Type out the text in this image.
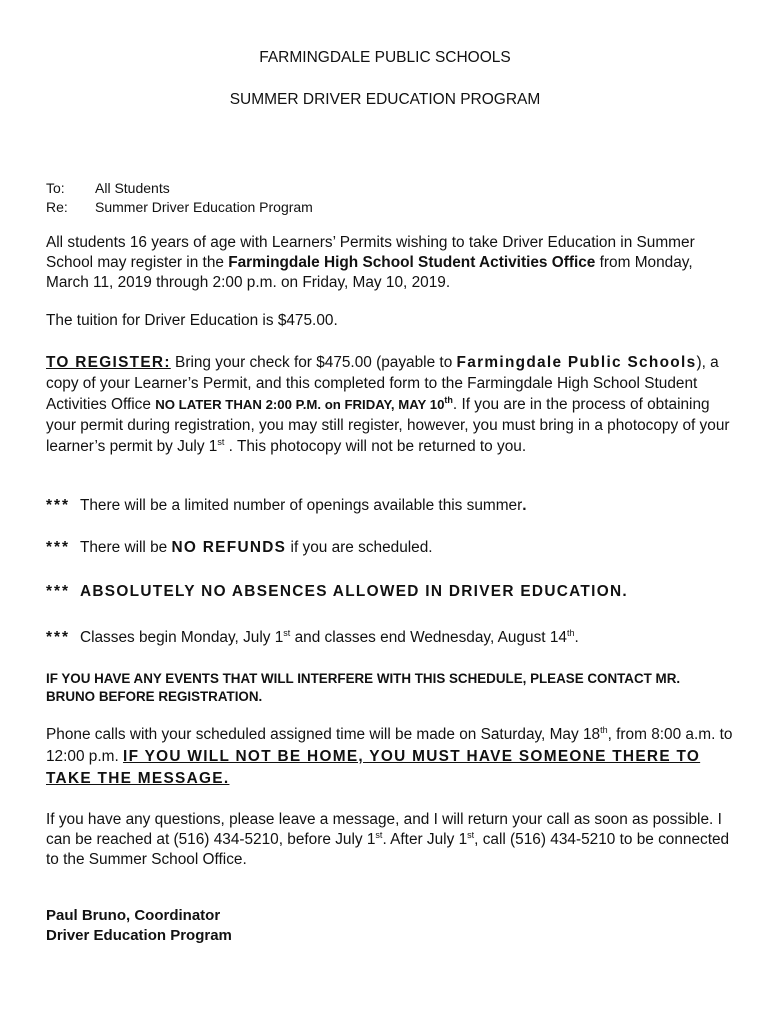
FARMINGDALE PUBLIC SCHOOLS
SUMMER DRIVER EDUCATION PROGRAM
To: All Students
Re: Summer Driver Education Program
All students 16 years of age with Learners’ Permits wishing to take Driver Education in Summer School may register in the Farmingdale High School Student Activities Office from Monday, March 11, 2019 through 2:00 p.m. on Friday, May 10, 2019.
The tuition for Driver Education is $475.00.
TO REGISTER: Bring your check for $475.00 (payable to Farmingdale Public Schools), a copy of your Learner’s Permit, and this completed form to the Farmingdale High School Student Activities Office NO LATER THAN 2:00 P.M. on FRIDAY, MAY 10th. If you are in the process of obtaining your permit during registration, you may still register, however, you must bring in a photocopy of your learner’s permit by July 1st . This photocopy will not be returned to you.
*** There will be a limited number of openings available this summer.
*** There will be NO REFUNDS if you are scheduled.
*** ABSOLUTELY NO ABSENCES ALLOWED IN DRIVER EDUCATION.
*** Classes begin Monday, July 1st and classes end Wednesday, August 14th.
IF YOU HAVE ANY EVENTS THAT WILL INTERFERE WITH THIS SCHEDULE, PLEASE CONTACT MR. BRUNO BEFORE REGISTRATION.
Phone calls with your scheduled assigned time will be made on Saturday, May 18th, from 8:00 a.m. to 12:00 p.m. IF YOU WILL NOT BE HOME, YOU MUST HAVE SOMEONE THERE TO TAKE THE MESSAGE.
If you have any questions, please leave a message, and I will return your call as soon as possible. I can be reached at (516) 434-5210, before July 1st. After July 1st, call (516) 434-5210 to be connected to the Summer School Office.
Paul Bruno, Coordinator
Driver Education Program
